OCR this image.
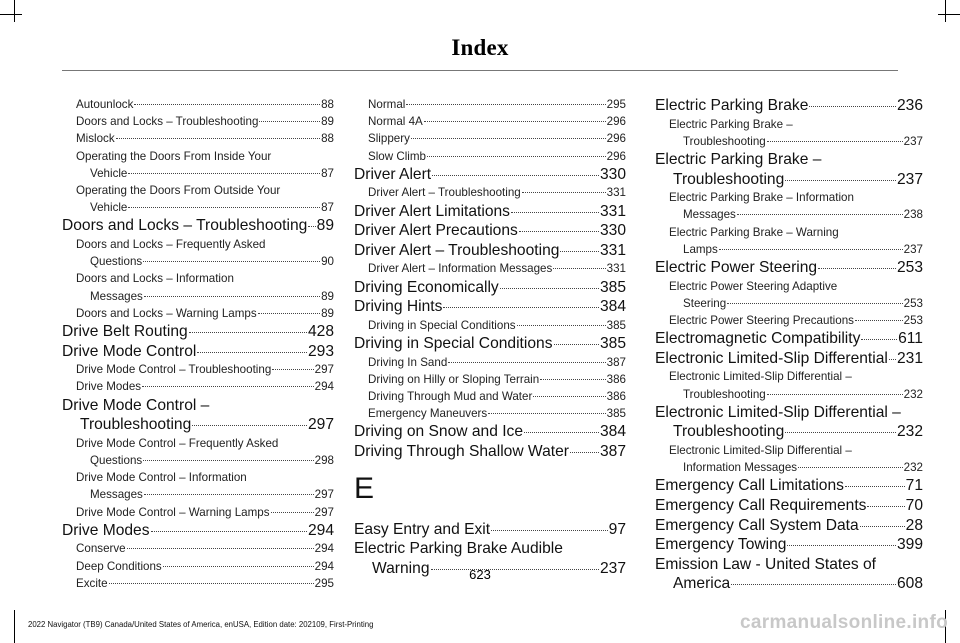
Index
Autounlock	88
Doors and Locks – Troubleshooting	89
Mislock	88
Operating the Doors From Inside Your
Vehicle	87
Operating the Doors From Outside Your
Vehicle	87
Doors and Locks – Troubleshooting 89
Doors and Locks – Frequently Asked
Questions	90
Doors and Locks – Information
Messages	89
Doors and Locks – Warning Lamps	89
Drive Belt Routing	428
Drive Mode Control	293
Drive Mode Control – Troubleshooting	297
Drive Modes	294
Drive Mode Control –
Troubleshooting	297
Drive Mode Control – Frequently Asked
Questions	298
Drive Mode Control – Information
Messages	297
Drive Mode Control – Warning Lamps	297
Drive Modes	294
Conserve	294
Deep Conditions	294
Excite	295
Normal	295
Normal 4A	296
Slippery	296
Slow Climb	296
Driver Alert	330
Driver Alert – Troubleshooting	331
Driver Alert Limitations	331
Driver Alert Precautions	330
Driver Alert – Troubleshooting	331
Driver Alert – Information Messages	331
Driving Economically	385
Driving Hints	384
Driving in Special Conditions	385
Driving in Special Conditions	385
Driving In Sand	387
Driving on Hilly or Sloping Terrain	386
Driving Through Mud and Water	386
Emergency Maneuvers	385
Driving on Snow and Ice	384
Driving Through Shallow Water 387
E
Easy Entry and Exit	97
Electric Parking Brake Audible
Warning	237
Electric Parking Brake	236
Electric Parking Brake –
Troubleshooting	237
Electric Parking Brake –
Troubleshooting	237
Electric Parking Brake – Information
Messages	238
Electric Parking Brake – Warning
Lamps	237
Electric Power Steering	253
Electric Power Steering Adaptive
Steering	253
Electric Power Steering Precautions	253
Electromagnetic Compatibility 611
Electronic Limited-Slip Differential 231
Electronic Limited-Slip Differential –
Troubleshooting	232
Electronic Limited-Slip Differential –
Troubleshooting	232
Electronic Limited-Slip Differential –
Information Messages	232
Emergency Call Limitations	71
Emergency Call Requirements	70
Emergency Call System Data	28
Emergency Towing	399
Emission Law - United States of
America	608
623
2022 Navigator (TB9) Canada/United States of America, enUSA, Edition date: 202109, First-Printing	carmanualsonline.info
